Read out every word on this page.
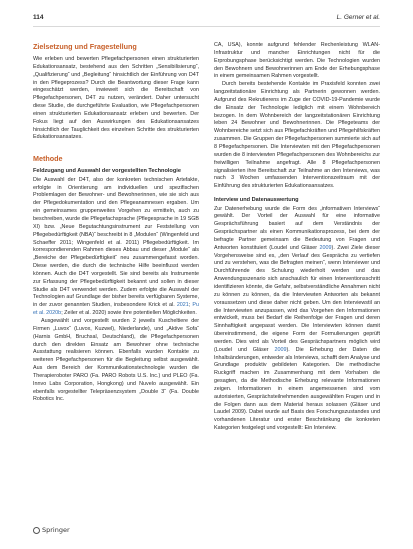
114	L. Gerner et al.
Zielsetzung und Fragestellung

Wie erleben und bewerten Pflegefachpersonen einen strukturierten Edukationsansatz, bestehend aus den Schritten „Sensibilisierung“, „Qualifizierung“ und „Begleitung“ hinsichtlich der Einführung von D4T in den Pflegeprozess? Durch die Beantwortung dieser Frage kann eingeschätzt werden, inwieweit sich die Bereitschaft von Pflegefachpersonen, D4T zu nutzen, verändert. Daher untersucht diese Studie, die durchgeführte Evaluation, wie Pflegefachpersonen einen strukturierten Edukationsansatz erleben und bewerten. Der Fokus liegt auf den Auswirkungen des Edukationsansatzes hinsichtlich der Tauglichkeit des einzelnen Schritte des strukturierten Edukationsansatzes.

Methode
Feldzugang und Auswahl der vorgestellten Technologie

Die Auswahl der D4T, also der konkreten technischen Artefakte, erfolgte in Orientierung am individuellen und spezifischen Problemlagen der Bewohner- und Bewohnerinnen, wie sie sich aus der Pflegedokumentation und den Pflegeanamnesen ergaben. Um ein gemeinsames gruppenweites Vorgehen zu ermitteln, auch zu beschreiben, wurde die Pflegefachsprache (Pflegesprache in 19 SGB XI) bzw. „Neue Begutachtungsinstrument zur Feststellung von Pflegebedürftigkeit (NBA)“ beschreibt in 8 „Modulen“ (Wingenfeld und Schaeffer 2011; Wingenfeld et al. 2011) Pflegebedürftigkeit. Im korrespondierenden Rahmen dieses Abbau und dieser „Module“ als „Bereiche der Pflegebedürftigkeit“ neu zusammengefasst worden. Diese werden, die durch die technische Hilfe beeinflusst werden können. Auch die D4T vorgestellt. Sie sind bereits als Instrumente zur Erfassung der Pflegebedürftigkeit bekannt und sollen in dieser Studie als D4T verwendet werden. Zudem erfolgte die Auswahl der Technologien auf Grundlage der bisher bereits verfügbaren Systeme, in der zuvor genannten Studien, insbesondere Krick et al. 2021; Pu et al. 2020b; Zeiler et al. 2020) sowie ihre potentiellen Möglichkeiten.

Ausgewählt und vorgestellt wurden 2 jeweils Kuscheltiere der Firmen „Luvox“ (Luvox, Kuzwel), Niederlande), und „Aktive Sofa“ (Harnis GmbH, Bruchsal, Deutschland), die Pflegefachpersonen durch den direkten Einsatz am Bewohner ohne technische Ausstattung realisieren können. Ebenfalls wurden Kontakte zu weiteren Pflegefachpersonen für die Begleitung selbst ausgewählt. Aus dem Bereich der Kommunikationstechnologie wurden die Therapieroboter PARO (Fa. PARO Robots U.S. Inc.) und PLEO (Fa. Innvo Labs Corporation, Hongkong) und Nuvelo ausgewählt. Ein ebenfalls vorgestellter Telepräsenzsystem „Double 3“ (Fa. Double Robotics Inc.

CA, USA), konnte aufgrund fehlender Rechenleistung WLAN-Infrastruktur und mancher Einrichtungen nicht für die Erprobungsphase berücksichtigt werden. Die Technologien wurden den Bewohnern und Bewohnerinnen am Ende der Erhebungsphase in einem gemeinsamen Rahmen vorgestellt.

Durch bereits bestehende Kontakte im Praxisfeld konnten zwei langzeitstationäre Einrichtung als Partnerin gewonnen werden. Aufgrund des Rekrutierens im Zuge der COVID-19-Pandemie wurde die Einsatz der Technologie lediglich mit einem Wohnbereich bezogen. In dem Wohnbereich der langzeitstationären Einrichtung leben 24 Bewohner und Bewohnerinnen. Die Pflegeteams der Wohnbereiche setzt sich aus Pflegefachkräften und Pflegehilfskräften zusammen. Die Gruppen der Pflegefachpersonen summierte sich auf 8 Pflegefachpersonen. Die Interviewten mit den Pflegefachpersonen wurden die 8 interviewten Pflegefachpersonen des Wohnbereichs zur freiwilligen Teilnahme angefragt. Alle 8 Pflegefachpersonen signalisierten ihre Bereitschaft zur Teilnahme an den Interviews, was nach 3 Wochen umfassenden Interventionszeitraum mit der Einführung des strukturierten Edukationsansatzes.

Interview und Datenauswertung

Zur Datenerhebung wurde die Form des „informativen Interviews“ gewählt. Der Vorteil der Auswahl für eine informative Gesprächsführung basiert auf dem Verständnis der Gesprächspartner als einen Kommunikationsprozess, bei dem der befragte Partner gemeinsam die Bedeutung von Fragen und Antworten konstituiert (Loudel und Gläser 2009). Zwei Ziele dieser Vorgehensweise sind es, „den Verlauf des Gesprächs zu vertiefen und zu verstehen, was die Befragten meinen“, wenn Interviewer und Durchführende des Schulung wiederholt werden und das Anwendungsszenario sich anschaulich für einen Interventionsschritt identifizieren könnte, die Gefahr, selbstverständliche Annahmen nicht zu können zu können, da die Interviewten Antworten als bekannt voraussetzen und diese daher nicht geben. Um den Interviewstil an die Interviewten anzupassen, wird das Vorgehen den Informationen entwickelt, muss bei Bedarf die Reihenfolge der Fragen und deren Sinnhaftigkeit angepasst werden. Die Interviewten können damit übereinstimmend, die eigene Form der Formulierungen geprüft werden. Dies wird als Vorteil des Gesprächspartners möglich wird (Loudel und Gläser 2009). Die Erhebung der Daten die Inhaltsänderungen, entweder als Interviews, schafft dem Analyse und Grundlage produktiv gebildeten Kategorien. Die methodische Ruckgriff machen im Zusammenhang mit dem Vorhaben die gesagten, da die Methodische Erhebung relevante Informationen zeigen. Informationen in einem angemessenen sind vom autorisierten, Gesprächsteilnehmenden ausgewählten Fragen und in die Folgen dann aus dem Material heraus solassen (Gläser und Laudel 2009). Dabei wurde auf Basis des Forschungszustandes und vorhandenen Literatur und erster Beschränkung die konkreten Kategorien festgelegt und vorgestellt: Ein Interview.

Springer
